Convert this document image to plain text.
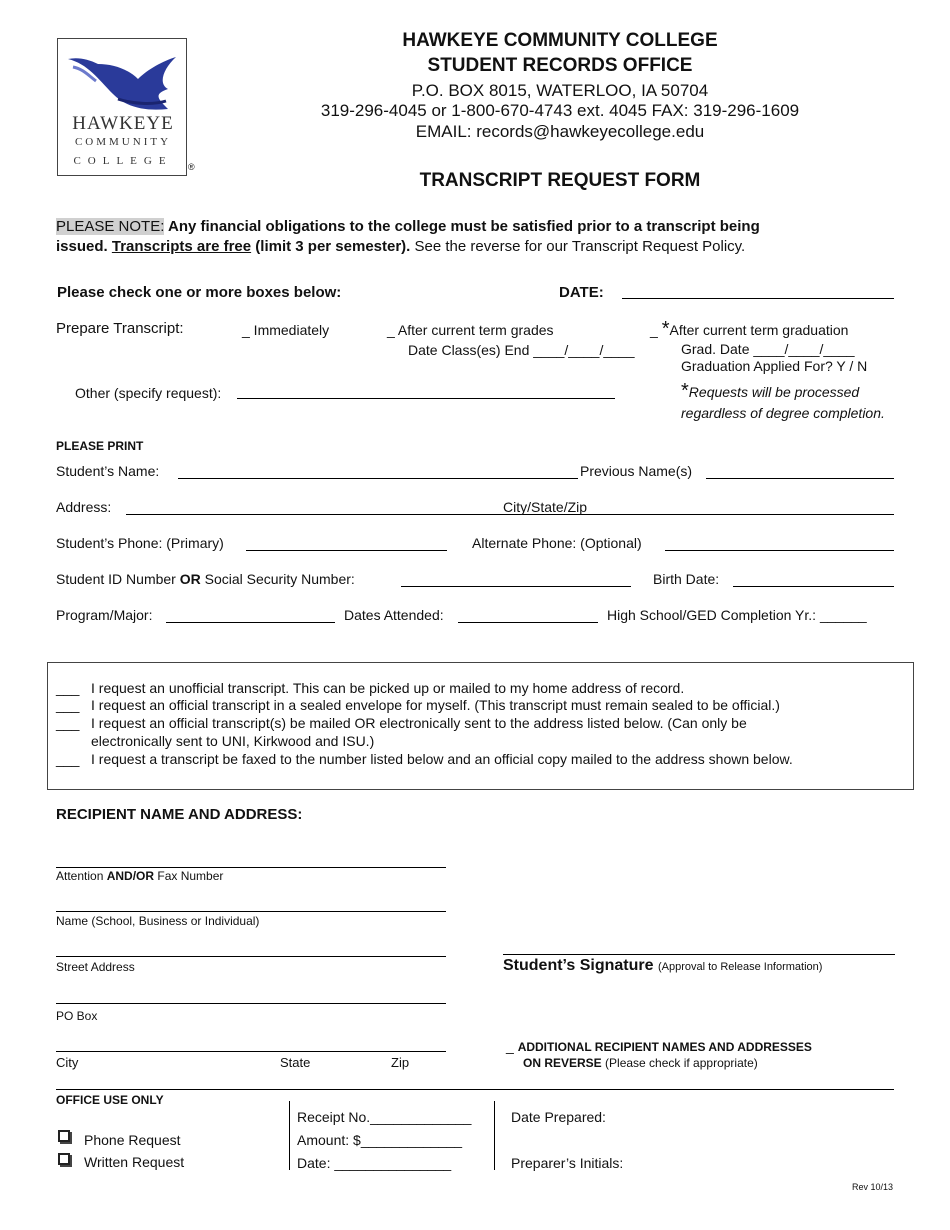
HAWKEYE
COMMUNITY
COLLEGE	®
HAWKEYE COMMUNITY COLLEGE
STUDENT RECORDS OFFICE
P.O. BOX 8015, WATERLOO, IA 50704
319-296-4045 or 1-800-670-4743 ext. 4045 FAX: 319-296-1609
EMAIL: records@hawkeyecollege.edu
TRANSCRIPT REQUEST FORM
PLEASE NOTE: Any financial obligations to the college must be satisfied prior to a transcript being
issued. Transcripts are free (limit 3 per semester). See the reverse for our Transcript Request Policy.
Please check one or more boxes below:	DATE:
Prepare Transcript:	_ Immediately	_ After current term grades
Date Class(es) End ____/____/____
_ *After current term graduation
Grad. Date ____/____/____
Graduation Applied For? Y / N
Other (specify request):	*Requests will be processed
regardless of degree completion.
PLEASE PRINT
Student’s Name:	Previous Name(s)
Address:	City/State/Zip
Student’s Phone: (Primary)	Alternate Phone: (Optional)
Student ID Number OR Social Security Number:	Birth Date:
Program/Major:	Dates Attended:	High School/GED Completion Yr.: ______
___ I request an unofficial transcript. This can be picked up or mailed to my home address of record.
___ I request an official transcript in a sealed envelope for myself. (This transcript must remain sealed to be official.)
___ I request an official transcript(s) be mailed OR electronically sent to the address listed below. (Can only be
electronically sent to UNI, Kirkwood and ISU.)
___ I request a transcript be faxed to the number listed below and an official copy mailed to the address shown below.
RECIPIENT NAME AND ADDRESS:
Attention AND/OR Fax Number
Name (School, Business or Individual)
Street Address
PO Box
City	State	Zip
Student’s Signature (Approval to Release Information)
_ ADDITIONAL RECIPIENT NAMES AND ADDRESSES
ON REVERSE (Please check if appropriate)
OFFICE USE ONLY
Phone Request
Written Request
Receipt No._____________
Amount: $_____________
Date: _______________
Date Prepared:
Preparer’s Initials:
Rev 10/13
